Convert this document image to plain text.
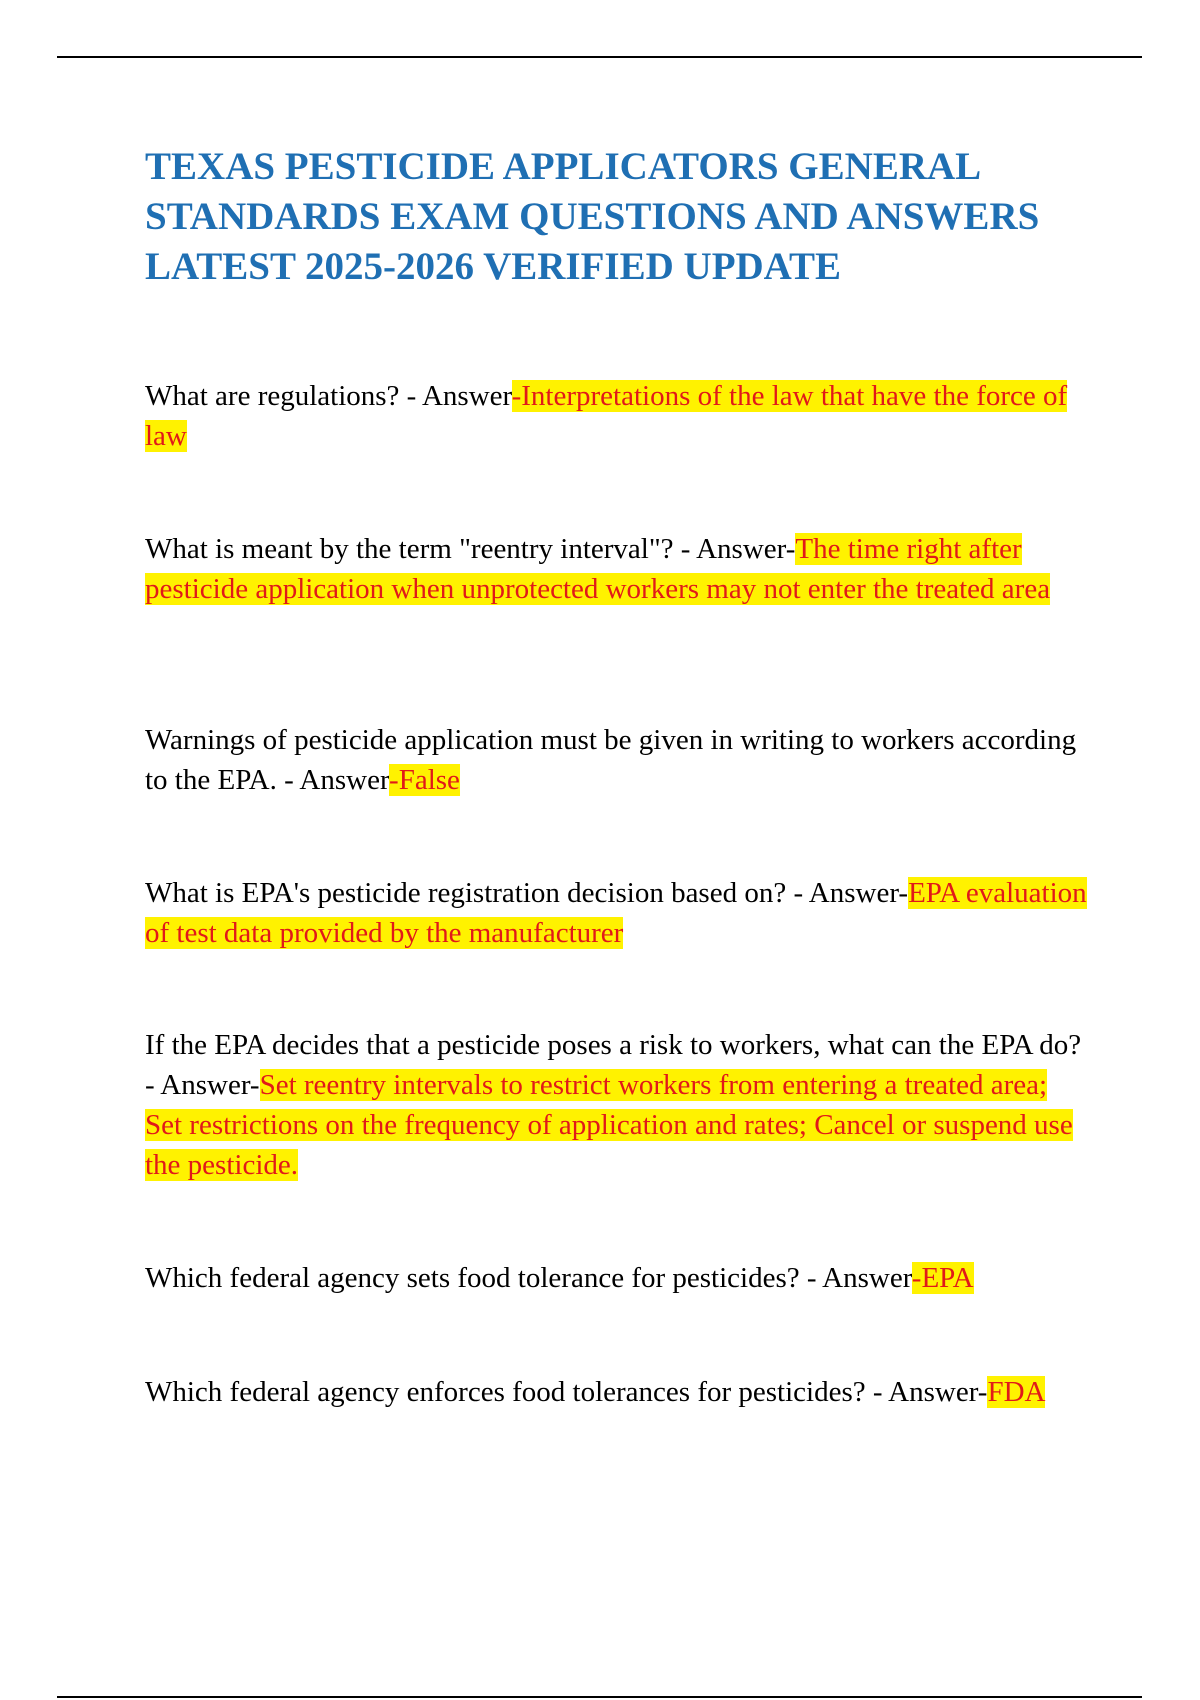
TEXAS PESTICIDE APPLICATORS GENERAL STANDARDS EXAM QUESTIONS AND ANSWERS LATEST 2025-2026 VERIFIED UPDATE

What are regulations? - Answer-Interpretations of the law that have the force of law

What is meant by the term "reentry interval"? - Answer-The time right after pesticide application when unprotected workers may not enter the treated area

Warnings of pesticide application must be given in writing to workers according to the EPA. - Answer-False

What is EPA's pesticide registration decision based on? - Answer-EPA evaluation of test data provided by the manufacturer

If the EPA decides that a pesticide poses a risk to workers, what can the EPA do? - Answer-Set reentry intervals to restrict workers from entering a treated area; Set restrictions on the frequency of application and rates; Cancel or suspend use the pesticide.

Which federal agency sets food tolerance for pesticides? - Answer-EPA

Which federal agency enforces food tolerances for pesticides? - Answer-FDA
